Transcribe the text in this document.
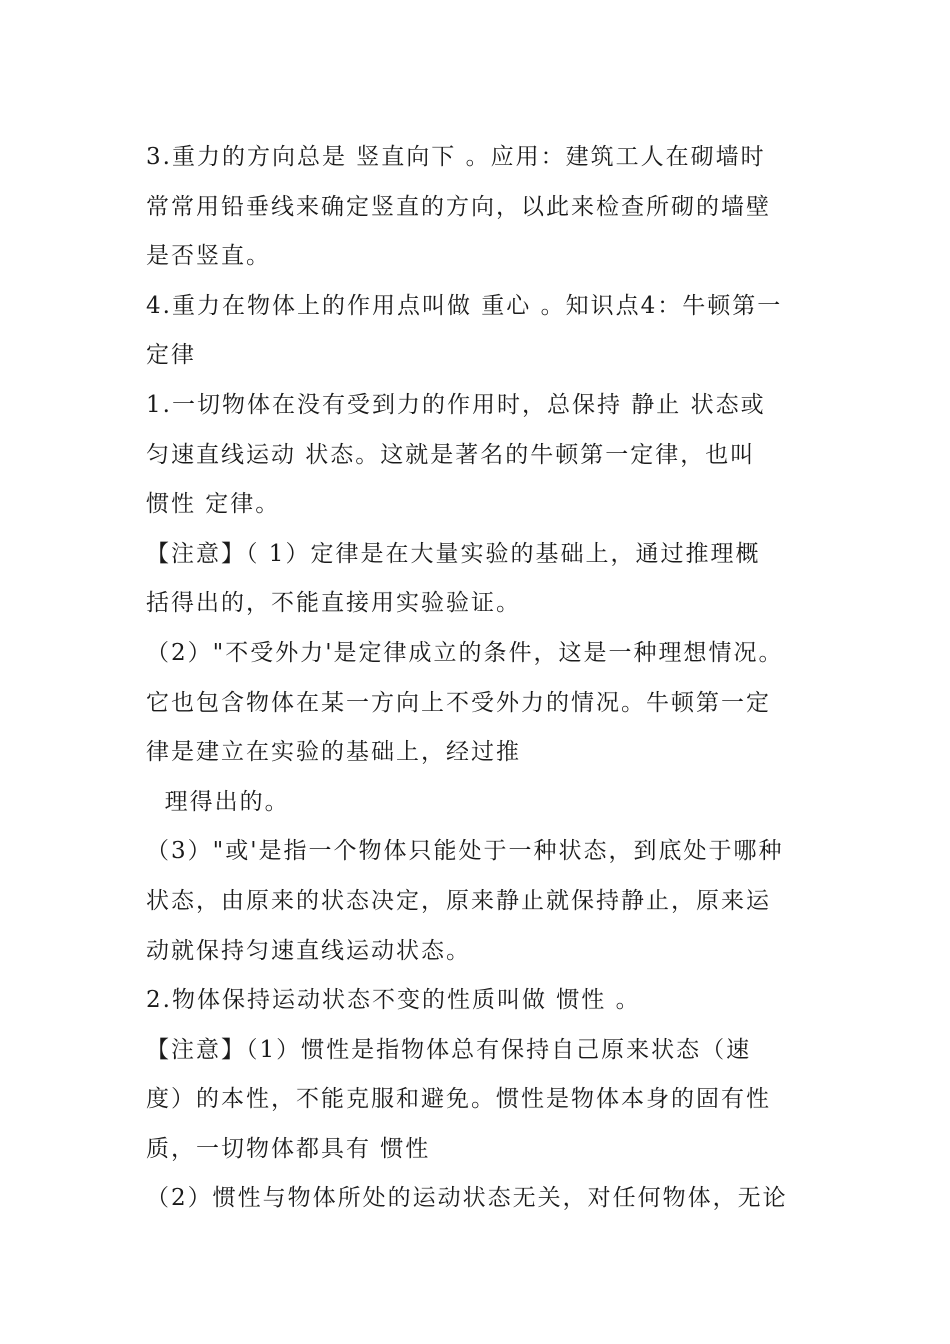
3.重力的方向总是 竖直向下 。应用：建筑工人在砌墙时
常常用铅垂线来确定竖直的方向，以此来检查所砌的墙壁
是否竖直。
4.重力在物体上的作用点叫做 重心 。知识点4：牛顿第一
定律
1.一切物体在没有受到力的作用时，总保持 静止 状态或
匀速直线运动 状态。这就是著名的牛顿第一定律，也叫
惯性 定律。
【注意】（ 1）定律是在大量实验的基础上，通过推理概
括得出的，不能直接用实验验证。
（2）"不受外力'是定律成立的条件，这是一种理想情况。
它也包含物体在某一方向上不受外力的情况。牛顿第一定
律是建立在实验的基础上，经过推
理得出的。
（3）"或'是指一个物体只能处于一种状态，到底处于哪种
状态，由原来的状态决定，原来静止就保持静止，原来运
动就保持匀速直线运动状态。
2.物体保持运动状态不变的性质叫做 惯性 。
【注意】（1）惯性是指物体总有保持自己原来状态（速
度）的本性，不能克服和避免。惯性是物体本身的固有性
质，一切物体都具有 惯性
（2）惯性与物体所处的运动状态无关，对任何物体，无论
